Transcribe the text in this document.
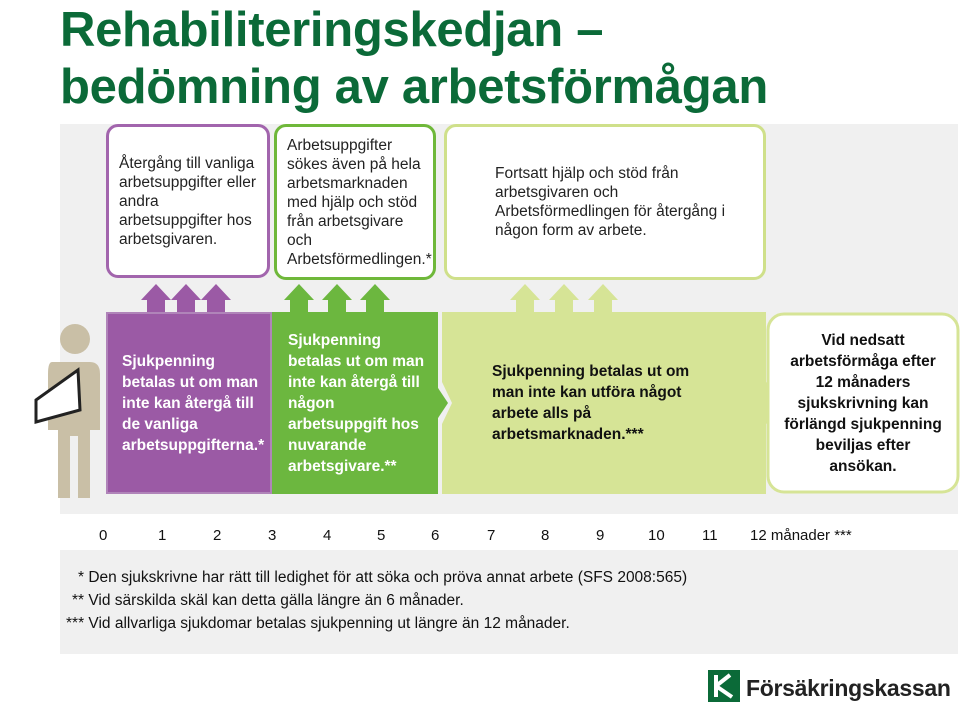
Rehabiliteringskedjan –
bedömning av arbetsförmågan
Återgång till vanliga arbetsuppgifter eller andra arbetsuppgifter hos arbetsgivaren.
Arbetsuppgifter sökes även på hela arbetsmarknaden med hjälp och stöd från arbetsgivare och Arbetsförmedlingen.*
Fortsatt hjälp och stöd från arbetsgivaren och Arbetsförmedlingen för återgång i någon form av arbete.
Sjukpenning betalas ut om man inte kan återgå till de vanliga arbetsuppgifterna.*
Sjukpenning betalas ut om man inte kan återgå till någon arbetsuppgift hos nuvarande arbetsgivare.**
Sjukpenning betalas ut om man inte kan utföra något arbete alls på arbetsmarknaden.***
Vid nedsatt arbetsförmåga efter 12 månaders sjukskrivning kan förlängd sjukpenning beviljas efter ansökan.
0	1	2	3	4	5	6	7	8	9	10 11 12 månader ***
* Den sjukskrivne har rätt till ledighet för att söka och pröva annat arbete (SFS 2008:565)
** Vid särskilda skäl kan detta gälla längre än 6 månader.
*** Vid allvarliga sjukdomar betalas sjukpenning ut längre än 12 månader.
Försäkringskassan
